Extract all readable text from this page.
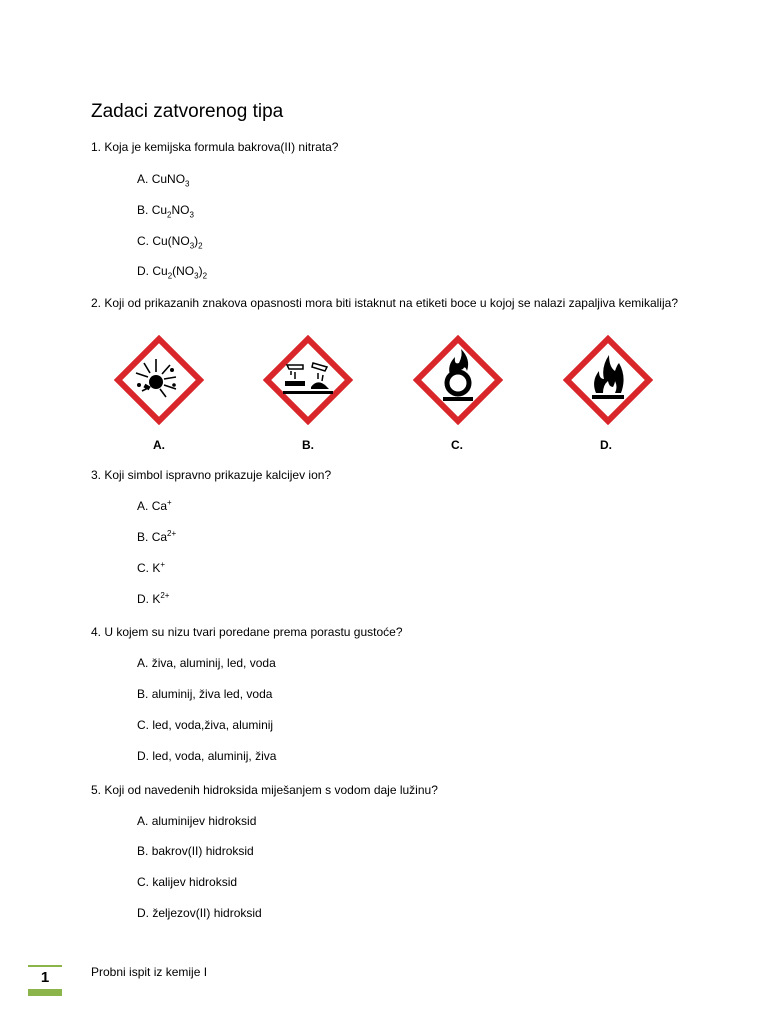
Zadaci zatvorenog tipa
1. Koja je kemijska formula bakrova(II) nitrata?
A. CuNO$_3$
B. $Cu_2NO_3$
C. $Cu(NO_3)_2$
D. $Cu_2(NO_3)_2$
2. Koji od prikazanih znakova opasnosti mora biti istaknut na etiketi boce u kojoj se nalazi zapaljiva kemikalija?
A.	B.	C.	D.
3. Koji simbol ispravno prikazuje kalcijev ion?
A. Ca+
B. $Ca^{2+}$
C. K+
D. $K^{2+}$
4. U kojem su nizu tvari poredane prema porastu gustoće?
A. živa, aluminij, led, voda
B. aluminij, živa led, voda
C. led, voda,živa, aluminij
D. led, voda, aluminij, živa
5. Koji od navedenih hidroksida miješanjem s vodom daje lužinu?
A. aluminijev hidroksid
B. bakrov(II) hidroksid
C. kalijev hidroksid
D. željezov(II) hidroksid
1	Probni ispit iz kemije I
